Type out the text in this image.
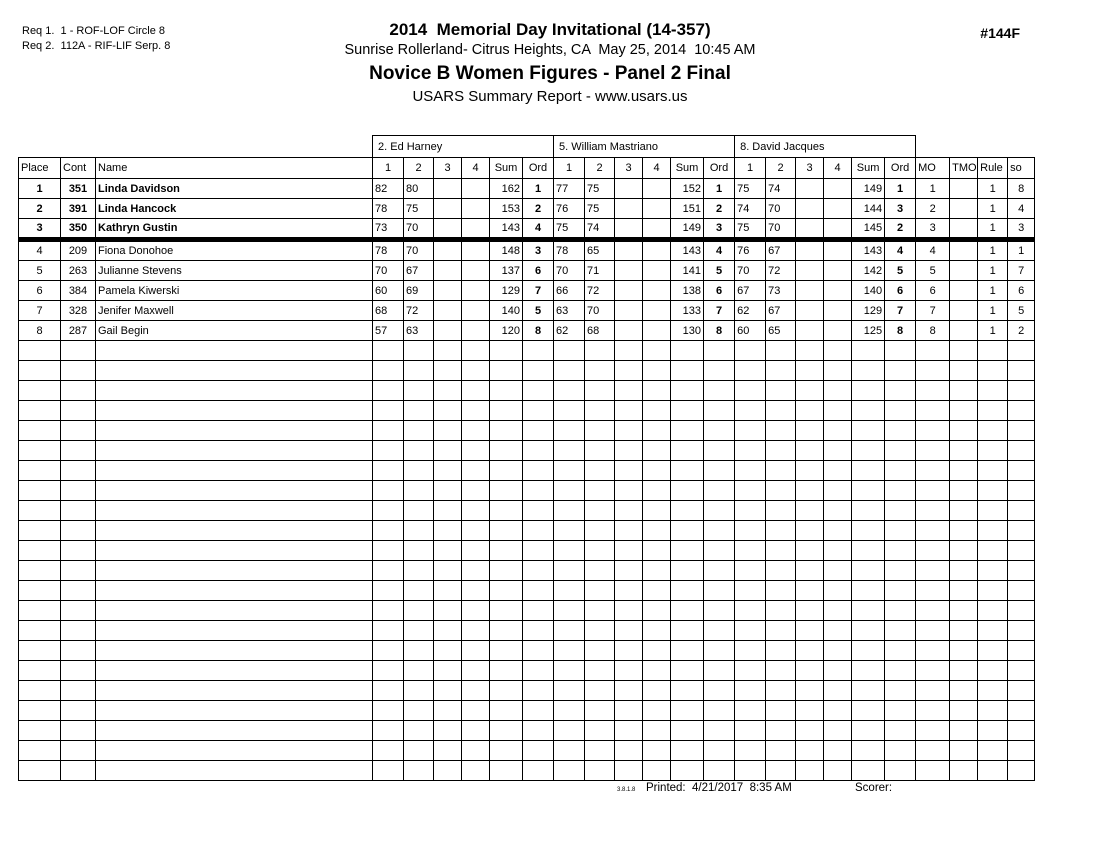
Req 1.  1 - ROF-LOF Circle 8
Req 2.  112A - RIF-LIF Serp. 8
2014  Memorial Day Invitational (14-357)
Sunrise Rollerland- Citrus Heights, CA  May 25, 2014  10:45 AM
Novice B Women Figures - Panel 2 Final
USARS Summary Report - www.usars.us
#144F
			2. Ed Harney						5. William Mastriano						8. David Jacques									
Place	Cont	Name	1	2	3	4	Sum	Ord	1	2	3	4	Sum	Ord	1	2	3	4	Sum	Ord	MO	TMO	Rule	so
1	351	Linda Davidson	82	80			162	1	77	75			152	1	75	74			149	1	1		1	8
2	391	Linda Hancock	78	75			153	2	76	75			151	2	74	70			144	3	2		1	4
3	350	Kathryn Gustin	73	70			143	4	75	74			149	3	75	70			145	2	3		1	3
4	209	Fiona Donohoe	78	70			148	3	78	65			143	4	76	67			143	4	4		1	1
5	263	Julianne Stevens	70	67			137	6	70	71			141	5	70	72			142	5	5		1	7
6	384	Pamela Kiwerski	60	69			129	7	66	72			138	6	67	73			140	6	6		1	6
7	328	Jenifer Maxwell	68	72			140	5	63	70			133	7	62	67			129	7	7		1	5
8	287	Gail Begin	57	63			120	8	62	68			130	8	60	65			125	8	8		1	2

3.8.1.8 Printed: 4/21/2017  8:35 AM	Scorer:
